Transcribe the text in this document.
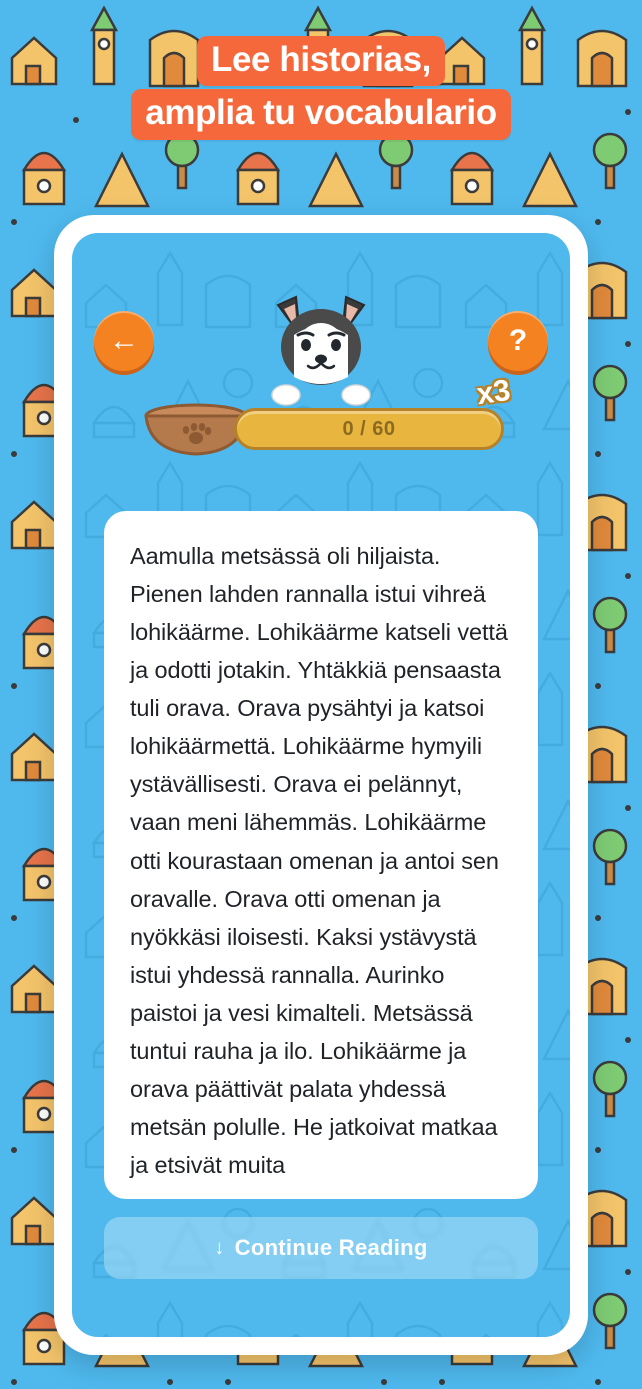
Lee historias,
amplia tu vocabulario
←	?
0 / 60
x3

Aamulla metsässä oli hiljaista. Pienen lahden rannalla istui vihreä lohikäärme. Lohikäärme katseli vettä ja odotti jotakin. Yhtäkkiä pensaasta tuli orava. Orava pysähtyi ja katsoi lohikäärmettä. Lohikäärme hymyili ystävällisesti. Orava ei pelännyt, vaan meni lähemmäs. Lohikäärme otti kourastaan omenan ja antoi sen oravalle. Orava otti omenan ja nyökkäsi iloisesti. Kaksi ystävystä istui yhdessä rannalla. Aurinko paistoi ja vesi kimalteli. Metsässä tuntui rauha ja ilo. Lohikäärme ja orava päättivät palata yhdessä metsän polulle. He jatkoivat matkaa ja etsivät muita

↓ Continue Reading
